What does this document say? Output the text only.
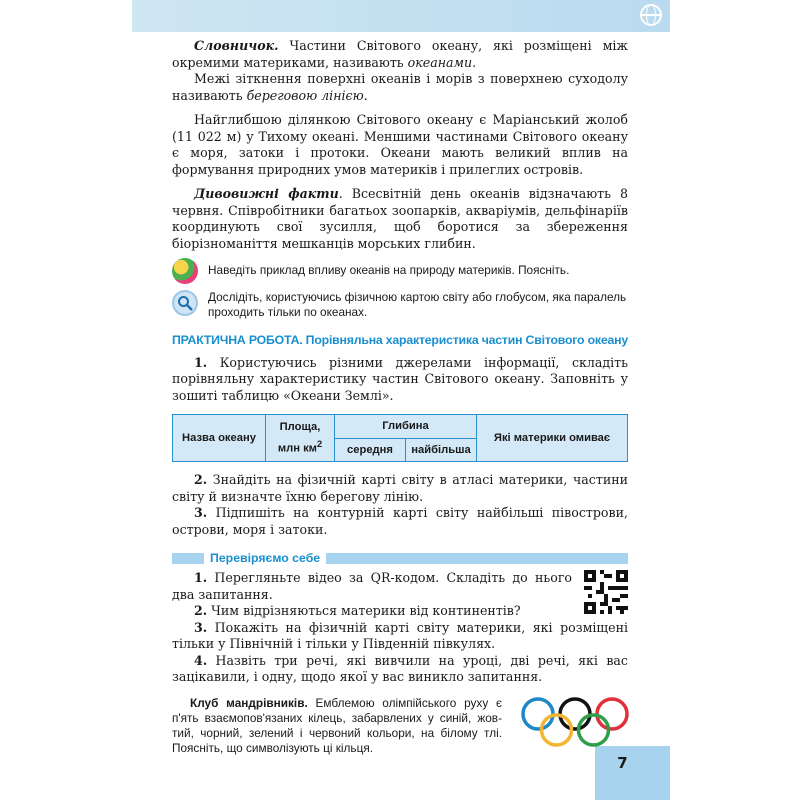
7

Словничок. Частини Світового океану, які розміщені між окремими материками, називають океанами.

Межі зіткнення поверхні океанів і морів з поверхнею суходолу називають береговою лінією.

Найглибшою ділянкою Світового океану є Маріанський жолоб (11 022 м) у Тихому океані. Меншими частинами Світового океану є моря, затоки і протоки. Океани мають великий вплив на формування природних умов материків і прилеглих островів.

Дивовижні факти. Всесвітній день океанів відзначають 8 червня. Співробітники багатьох зоопарків, акваріумів, дельфінаріїв координують свої зусилля, щоб боротися за збереження біорізноманіття мешканців морських глибин.

Наведіть приклад впливу океанів на природу материків. Поясніть.
Дослідіть, користуючись фізичною картою світу або глобусом, яка паралель проходить тільки по океанах.
ПРАКТИЧНА РОБОТА. Порівняльна характеристика частин Світового океану

1. Користуючись різними джерелами інформації, складіть порівняльну характеристику частин Світового океану. Заповніть у зошиті таблицю «Океани Землі».

Назва океану	Площа, млн $км^2$	Глибина		Які материки омиває
		середня	найбільша	

2. Знайдіть на фізичній карті світу в атласі материки, частини світу й визначте їхню берегову лінію.

3. Підпишіть на контурній карті світу найбільші півострови, острови, моря і затоки.

Перевіряємо себе

1. Перегляньте відео за QR-кодом. Складіть до нього два запитання.

2. Чим відрізняються материки від континентів?

3. Покажіть на фізичній карті світу материки, які розміщені тільки у Північній і тільки у Південній півкулях.

4. Назвіть три речі, які вивчили на уроці, дві речі, які вас зацікавили, і одну, щодо якої у вас виникло запитання.

Клуб мандрівників. Емблемою олімпійського руху є п'ять взаємопов'язаних кілець, забарвлених у синій, жовтий, чорний, зелений і червоний кольори, на білому тлі. Поясніть, що символізують ці кільця.
